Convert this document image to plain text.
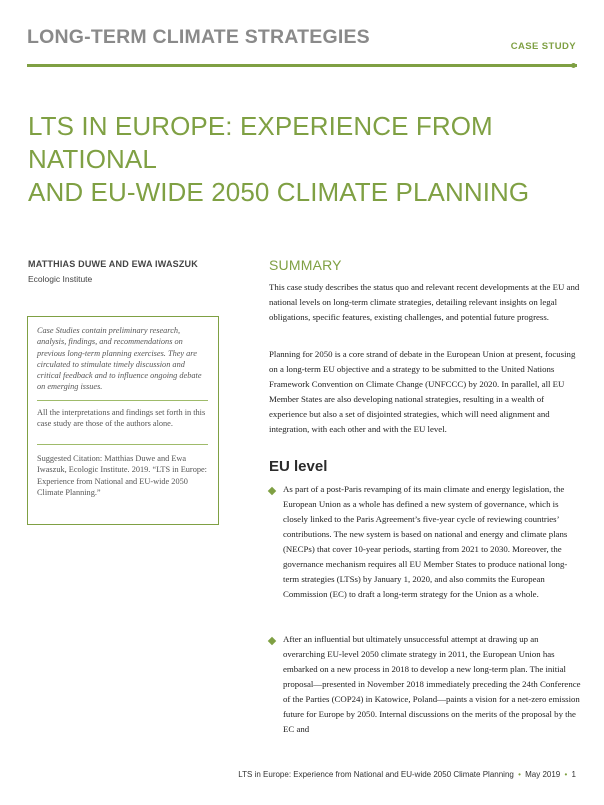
LONG-TERM CLIMATE STRATEGIES	CASE STUDY
LTS IN EUROPE: EXPERIENCE FROM NATIONAL
AND EU-WIDE 2050 CLIMATE PLANNING
MATTHIAS DUWE AND EWA IWASZUK
Ecologic Institute

Case Studies contain preliminary research, analysis, findings, and recommendations on previous long-term planning exercises. They are circulated to stimulate timely discussion and critical feedback and to influence ongoing debate on emerging issues.

All the interpretations and findings set forth in this case study are those of the authors alone.

Suggested Citation: Matthias Duwe and Ewa Iwaszuk, Ecologic Institute. 2019. “LTS in Europe: Experience from National and EU-wide 2050 Climate Planning.”

SUMMARY

This case study describes the status quo and relevant recent developments at the EU and national levels on long-term climate strategies, detailing relevant insights on legal obligations, specific features, existing challenges, and potential future progress.

Planning for 2050 is a core strand of debate in the European Union at present, focusing on a long-term EU objective and a strategy to be submitted to the United Nations Framework Convention on Climate Change (UNFCCC) by 2020. In parallel, all EU Member States are also developing national strategies, resulting in a wealth of experience but also a set of disjointed strategies, which will need alignment and integration, with each other and with the EU level.

EU level

As part of a post-Paris revamping of its main climate and energy legislation, the European Union as a whole has defined a new system of governance, which is closely linked to the Paris Agreement’s five-year cycle of reviewing countries’ contributions. The new system is based on national and energy and climate plans (NECPs) that cover 10-year periods, starting from 2021 to 2030. Moreover, the governance mechanism requires all EU Member States to produce national long-term strategies (LTSs) by January 1, 2020, and also commits the European Commission (EC) to draft a long-term strategy for the Union as a whole.

After an influential but ultimately unsuccessful attempt at drawing up an overarching EU-level 2050 climate strategy in 2011, the European Union has embarked on a new process in 2018 to develop a new long-term plan. The initial proposal—presented in November 2018 immediately preceding the 24th Conference of the Parties (COP24) in Katowice, Poland—paints a vision for a net-zero emission future for Europe by 2050. Internal discussions on the merits of the proposal by the EC and

LTS in Europe: Experience from National and EU-wide 2050 Climate Planning • May 2019 • 1
